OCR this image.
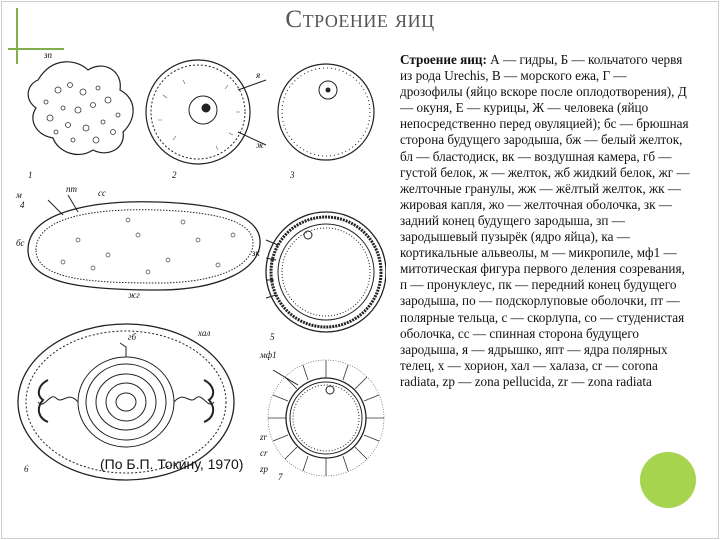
Строение яиц
1	2	3
4
5
6
7
зп
я
ж
м
пт
зк
жг
бс
сс
гб	хал
мф1
zr
cr
zp
(По Б.П. Токину, 1970)
Строение яиц: А — гидры, Б — кольчатого червя из рода Urechis, В — морского ежа, Г — дрозофилы (яйцо вскоре после оплодотворения), Д — окуня, Е — курицы, Ж — человека (яйцо непосредственно перед овуляцией); бс — брюшная сторона будущего зародыша, бж — белый желток, бл — бластодиск, вк — воздушная камера, гб — густой белок, ж — желток, жб жидкий белок, жг — желточные гранулы, жж — жёлтый желток, жк — жировая капля, жо — желточная оболочка, зк — задний конец будущего зародыша, зп — зародышевый пузырёк (ядро яйца), ка — кортикальные альвеолы, м — микропиле, мф1 — митотическая фигура первого деления созревания, п — пронуклеус, пк — передний конец будущего зародыша, по — подскорлуповые оболочки, пт — полярные тельца, с — скорлупа, со — студенистая оболочка, сс — спинная сторона будущего зародыша, я — ядрышко, япт — ядра полярных телец, х — хорион, хал — халаза, cr — corona radiata, zp — zona pellucida, zr — zona radiata
